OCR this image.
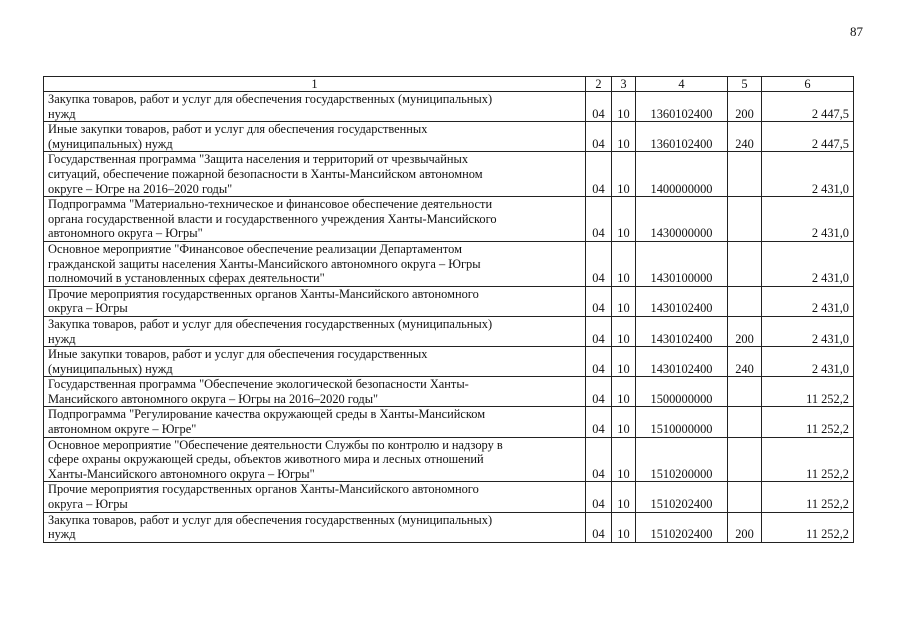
87
1	2	3	4	5	6
Закупка товаров, работ и услуг для обеспечения государственных (муниципальных)
нужд	04	10	1360102400	200	2 447,5
Иные закупки товаров, работ и услуг для обеспечения государственных
(муниципальных) нужд	04	10	1360102400	240	2 447,5
Государственная программа "Защита населения и территорий от чрезвычайных
ситуаций, обеспечение пожарной безопасности в Ханты-Мансийском автономном
округе – Югре на 2016–2020 годы"	04	10	1400000000		2 431,0
Подпрограмма "Материально-техническое и финансовое обеспечение деятельности
органа государственной власти и государственного учреждения Ханты-Мансийского
автономного округа – Югры"	04	10	1430000000		2 431,0
Основное мероприятие "Финансовое обеспечение реализации Департаментом
гражданской защиты населения Ханты-Мансийского автономного округа – Югры
полномочий в установленных сферах деятельности"	04	10	1430100000		2 431,0
Прочие мероприятия государственных органов Ханты-Мансийского автономного
округа – Югры	04	10	1430102400		2 431,0
Закупка товаров, работ и услуг для обеспечения государственных (муниципальных)
нужд	04	10	1430102400	200	2 431,0
Иные закупки товаров, работ и услуг для обеспечения государственных
(муниципальных) нужд	04	10	1430102400	240	2 431,0
Государственная программа "Обеспечение экологической безопасности Ханты-
Мансийского автономного округа – Югры на 2016–2020 годы"	04	10	1500000000		11 252,2
Подпрограмма "Регулирование качества окружающей среды в Ханты-Мансийском
автономном округе – Югре"	04	10	1510000000		11 252,2
Основное мероприятие "Обеспечение деятельности Службы по контролю и надзору в
сфере охраны окружающей среды, объектов животного мира и лесных отношений
Ханты-Мансийского автономного округа – Югры"	04	10	1510200000		11 252,2
Прочие мероприятия государственных органов Ханты-Мансийского автономного
округа – Югры	04	10	1510202400		11 252,2
Закупка товаров, работ и услуг для обеспечения государственных (муниципальных)
нужд	04	10	1510202400	200	11 252,2
